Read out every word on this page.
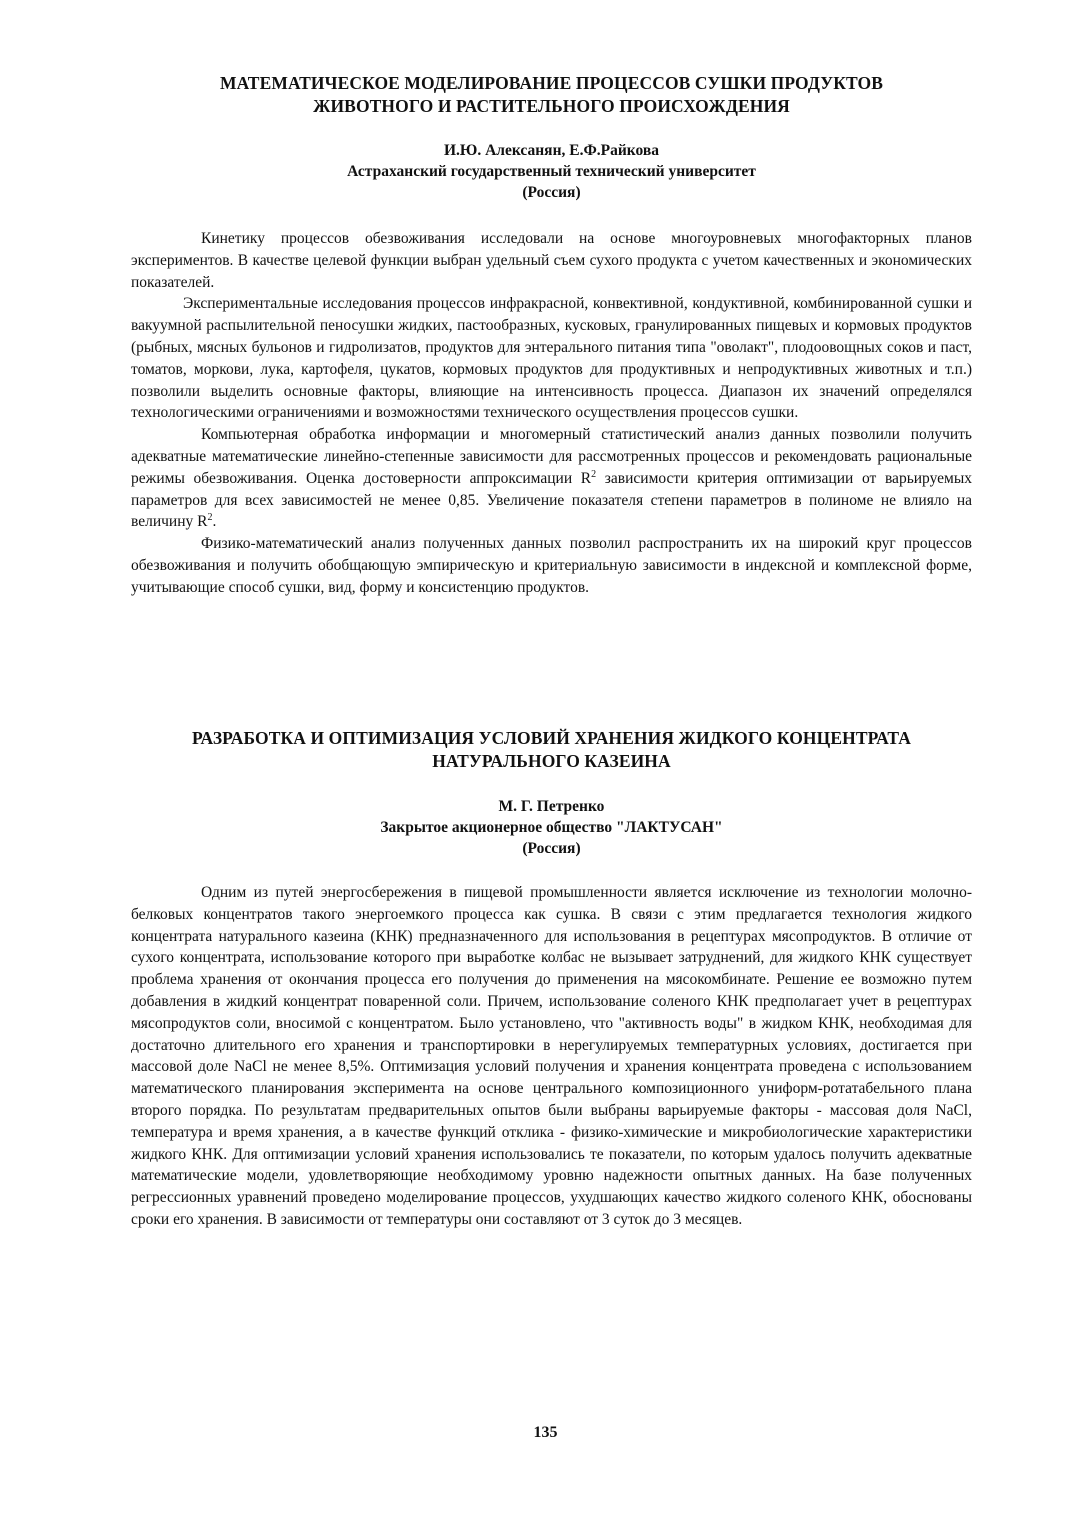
МАТЕМАТИЧЕСКОЕ МОДЕЛИРОВАНИЕ ПРОЦЕССОВ СУШКИ ПРОДУКТОВ
ЖИВОТНОГО И РАСТИТЕЛЬНОГО ПРОИСХОЖДЕНИЯ

И.Ю. Алексанян, Е.Ф.Райкова

Астраханский государственный технический университет

(Россия)

Кинетику процессов обезвоживания исследовали на основе многоуровневых многофакторных планов экспериментов. В качестве целевой функции выбран удельный съем сухого продукта с учетом качественных и экономических показателей.

Экспериментальные исследования процессов инфракрасной, конвективной, кондуктивной, комбинированной сушки и вакуумной распылительной пеносушки жидких, пастообразных, кусковых, гранулированных пищевых и кормовых продуктов (рыбных, мясных бульонов и гидролизатов, продуктов для энтерального питания типа "оволакт", плодоовощных соков и паст, томатов, моркови, лука, картофеля, цукатов, кормовых продуктов для продуктивных и непродуктивных животных и т.п.) позволили выделить основные факторы, влияющие на интенсивность процесса. Диапазон их значений определялся технологическими ограничениями и возможностями технического осуществления процессов сушки.

Компьютерная обработка информации и многомерный статистический анализ данных позволили получить адекватные математические линейно-степенные зависимости для рассмотренных процессов и рекомендовать рациональные режимы обезвоживания. Оценка достоверности аппроксимации $R^2$ зависимости критерия оптимизации от варьируемых параметров для всех зависимостей не менее 0,85. Увеличение показателя степени параметров в полиноме не влияло на величину $R^2$.

Физико-математический анализ полученных данных позволил распространить их на широкий круг процессов обезвоживания и получить обобщающую эмпирическую и критериальную зависимости в индексной и комплексной форме, учитывающие способ сушки, вид, форму и консистенцию продуктов.

РАЗРАБОТКА И ОПТИМИЗАЦИЯ УСЛОВИЙ ХРАНЕНИЯ ЖИДКОГО КОНЦЕНТРАТА
НАТУРАЛЬНОГО КАЗЕИНА

М. Г. Петренко

Закрытое акционерное общество "ЛАКТУСАН"

(Россия)

Одним из путей энергосбережения в пищевой промышленности является исключение из технологии молочно-белковых концентратов такого энергоемкого процесса как сушка. В связи с этим предлагается технология жидкого концентрата натурального казеина (КНК) предназначенного для использования в рецептурах мясопродуктов. В отличие от сухого концентрата, использование которого при выработке колбас не вызывает затруднений, для жидкого КНК существует проблема хранения от окончания процесса его получения до применения на мясокомбинате. Решение ее возможно путем добавления в жидкий концентрат поваренной соли. Причем, использование соленого КНК предполагает учет в рецептурах мясопродуктов соли, вносимой с концентратом. Было установлено, что "активность воды" в жидком КНК, необходимая для достаточно длительного его хранения и транспортировки в нерегулируемых температурных условиях, достигается при массовой доле NaCl не менее 8,5%. Оптимизация условий получения и хранения концентрата проведена с использованием математического планирования эксперимента на основе центрального композиционного униформ-ротатабельного плана второго порядка. По результатам предварительных опытов были выбраны варьируемые факторы - массовая доля NaCl, температура и время хранения, а в качестве функций отклика - физико-химические и микробиологические характеристики жидкого КНК. Для оптимизации условий хранения использовались те показатели, по которым удалось получить адекватные математические модели, удовлетворяющие необходимому уровню надежности опытных данных. На базе полученных регрессионных уравнений проведено моделирование процессов, ухудшающих качество жидкого соленого КНК, обоснованы сроки его хранения. В зависимости от температуры они составляют от 3 суток до 3 месяцев.

135
